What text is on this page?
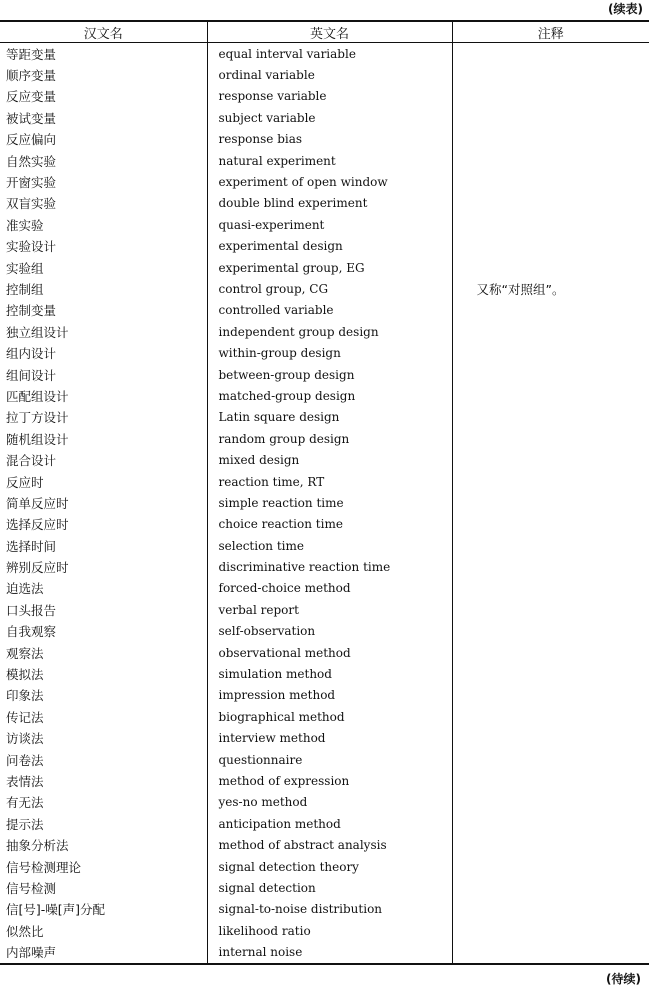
(续表)
汉文名	英文名	注释
等距变量	equal interval variable	
顺序变量	ordinal variable	
反应变量	response variable	
被试变量	subject variable	
反应偏向	response bias	
自然实验	natural experiment	
开窗实验	experiment of open window	
双盲实验	double blind experiment	
准实验	quasi-experiment	
实验设计	experimental design	
实验组	experimental group, EG	
控制组	control group, CG	又称“对照组”。
控制变量	controlled variable	
独立组设计	independent group design	
组内设计	within-group design	
组间设计	between-group design	
匹配组设计	matched-group design	
拉丁方设计	Latin square design	
随机组设计	random group design	
混合设计	mixed design	
反应时	reaction time, RT	
简单反应时	simple reaction time	
选择反应时	choice reaction time	
选择时间	selection time	
辨别反应时	discriminative reaction time	
迫选法	forced-choice method	
口头报告	verbal report	
自我观察	self-observation	
观察法	observational method	
模拟法	simulation method	
印象法	impression method	
传记法	biographical method	
访谈法	interview method	
问卷法	questionnaire	
表情法	method of expression	
有无法	yes-no method	
提示法	anticipation method	
抽象分析法	method of abstract analysis	
信号检测理论	signal detection theory	
信号检测	signal detection	
信[号]-噪[声]分配	signal-to-noise distribution	
似然比	likelihood ratio	
内部噪声	internal noise	
(待续)
